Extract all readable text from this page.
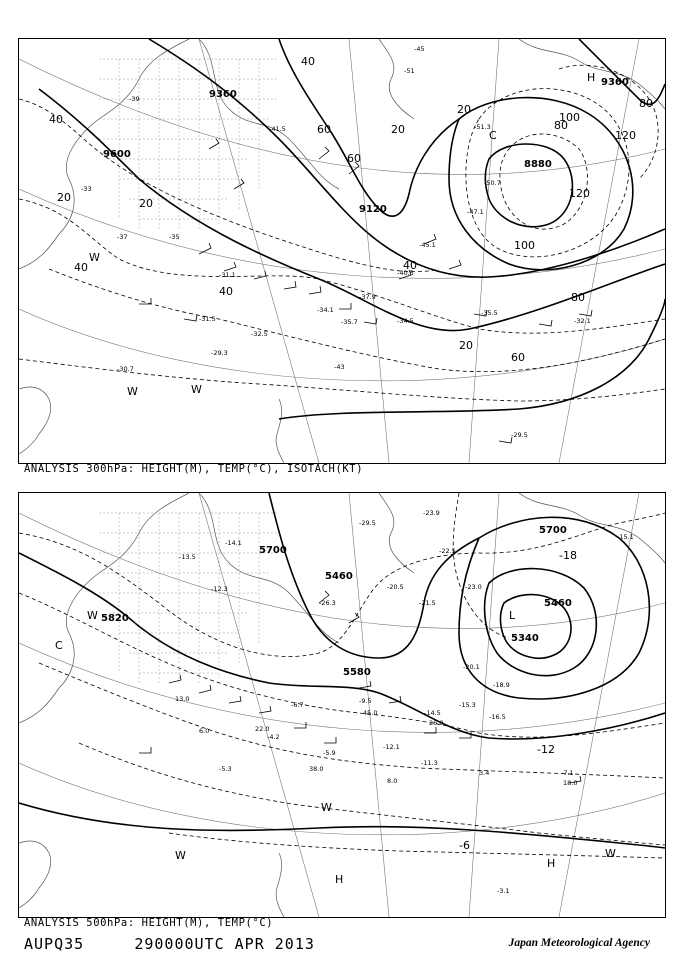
9600
9360
9120
8880
9360
40
40
20	20
40
40
60
60
20
40
20
80
100
100
120
120
80
80
20
60
-31.1
-31.5
-32.5
-34.1
-35.7	-34.5
-37.9
-40.5
-45.1
-35.5
-32.1
-29.5
-29.3
-30.7
-41.5
-47.1
-50.7
-51.3
-39
-33
-35
-45
-51
-43
-37
W
W	W
C
H
ANALYSIS 300hPa: HEIGHT(M), TEMP(°C), ISOTACH(KT)
5700
5460
5580
5820
5700
5460
5340
-18
-12
-6
-14.1
-12.3
-13.5
-20.5
-21.5
-23.9
-22.5
-23.0
-20.1
-18.9
-16.5
-15.3
-14.5
-12.1
-11.3
-9.5
-7.1
-6.7
-5.9
-5.3
-4.2
-3.1
-15.1
-26.3
-29.5
38.0
18.0
26.0
45.0
22.0
13.0
6.0
8.0
3.4
W
C
W
W
H
H
W
L
ANALYSIS 500hPa: HEIGHT(M), TEMP(°C)
AUPQ35	290000UTC APR 2013	Japan Meteorological Agency
